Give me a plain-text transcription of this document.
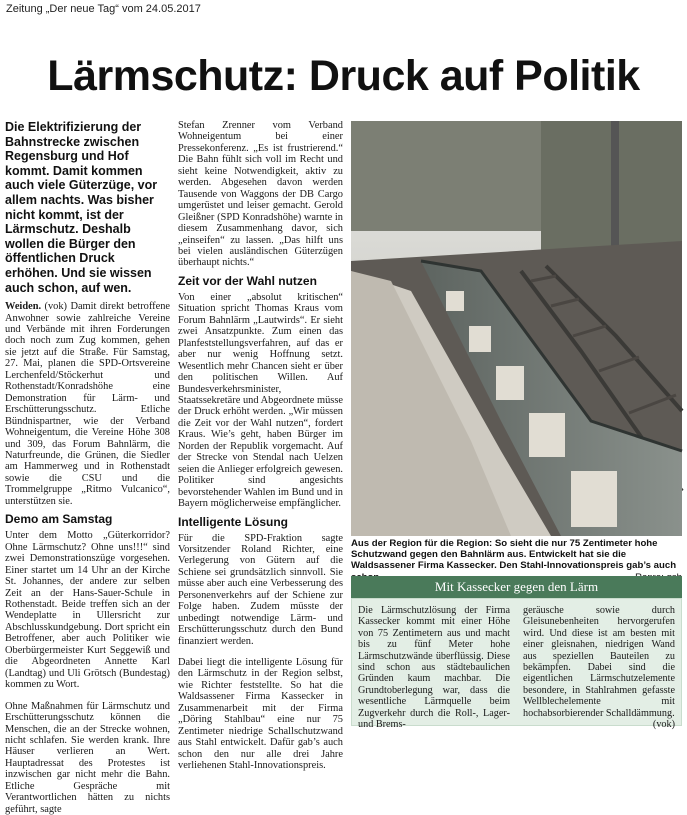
Zeitung „Der neue Tag“ vom 24.05.2017
Lärmschutz: Druck auf Politik
Die Elektrifizierung der Bahnstrecke zwischen Regensburg und Hof kommt. Damit kommen auch viele Güterzüge, vor allem nachts. Was bisher nicht kommt, ist der Lärmschutz. Deshalb wollen die Bürger den öffentlichen Druck erhöhen. Und sie wissen auch schon, auf wen.

Weiden. (vok) Damit direkt betroffene Anwohner sowie zahlreiche Vereine und Verbände mit ihren Forderungen doch noch zum Zug kommen, gehen sie jetzt auf die Straße. Für Samstag, 27. Mai, planen die SPD-Ortsvereine Lerchenfeld/Stöckerhut und Rothenstadt/Konradshöhe eine Demonstration für Lärm- und Erschütterungsschutz. Etliche Bündnispartner, wie der Verband Wohneigentum, die Vereine Höhe 308 und 309, das Forum Bahnlärm, die Naturfreunde, die Grünen, die Siedler am Hammerweg und in Rothenstadt sowie die CSU und die Trommelgruppe „Ritmo Vulcanico“, unterstützen sie.

Demo am Samstag

Unter dem Motto „Güterkorridor? Ohne Lärmschutz? Ohne uns!!!“ sind zwei Demonstrationszüge vorgesehen. Einer startet um 14 Uhr an der Kirche St. Johannes, der andere zur selben Zeit an der Hans-Sauer-Schule in Rothenstadt. Beide treffen sich an der Wendeplatte in Ullersricht zur Abschlusskundgebung. Dort spricht ein Betroffener, aber auch Politiker wie Oberbürgermeister Kurt Seggewiß und die Abgeordneten Annette Karl (Landtag) und Uli Grötsch (Bundestag) kommen zu Wort.

Ohne Maßnahmen für Lärmschutz und Erschütterungsschutz können die Menschen, die an der Strecke wohnen, nicht schlafen. Sie werden krank. Ihre Häuser verlieren an Wert. Hauptadressat des Protestes ist inzwischen gar nicht mehr die Bahn. Etliche Gespräche mit Verantwortlichen hätten zu nichts geführt, sagte

Stefan Zrenner vom Verband Wohneigentum bei einer Pressekonferenz. „Es ist frustrierend.“ Die Bahn fühlt sich voll im Recht und sieht keine Notwendigkeit, aktiv zu werden. Abgesehen davon werden Tausende von Waggons der DB Cargo umgerüstet und leiser gemacht. Gerold Gleißner (SPD Konradshöhe) warnte in diesem Zusammenhang davor, sich „einseifen“ zu lassen. „Das hilft uns bei vielen ausländischen Güterzügen überhaupt nichts.“

Zeit vor der Wahl nutzen

Von einer „absolut kritischen“ Situation spricht Thomas Kraus vom Forum Bahnlärm „Lautwirds“. Er sieht zwei Ansatzpunkte. Zum einen das Planfeststellungsverfahren, auf das er aber nur wenig Hoffnung setzt. Wesentlich mehr Chancen sieht er über den politischen Willen. Auf Bundesverkehrsminister, Staatssekretäre und Abgeordnete müsse der Druck erhöht werden. „Wir müssen die Zeit vor der Wahl nutzen“, fordert Kraus. Wie’s geht, haben Bürger im Norden der Republik vorgemacht. Auf der Strecke von Stendal nach Uelzen seien die Anlieger erfolgreich gewesen. Politiker sind angesichts bevorstehender Wahlen im Bund und in Bayern möglicherweise empfänglicher.

Intelligente Lösung

Für die SPD-Fraktion sagte Vorsitzender Roland Richter, eine Verlegerung von Gütern auf die Schiene sei grundsätzlich sinnvoll. Sie müsse aber auch eine Verbesserung des Personenverkehrs auf der Schiene zur Folge haben. Zudem müsste der unbedingt notwendige Lärm- und Erschütterungsschutz durch den Bund finanziert werden.

Dabei liegt die intelligente Lösung für den Lärmschutz in der Region selbst, wie Richter feststellte. So hat die Waldsassener Firma Kassecker in Zusammenarbeit mit der Firma „Döring Stahlbau“ eine nur 75 Zentimeter niedrige Schallschutzwand aus Stahl entwickelt. Dafür gab’s auch schon den nur alle drei Jahre verliehenen Stahl-Innovationspreis.

Aus der Region für die Region: So sieht die nur 75 Zentimeter hohe Schutzwand gegen den Bahnlärm aus. Entwickelt hat sie die Waldsassener Firma Kassecker. Den Stahl-Innovationspreis gab’s auch
Mit Kassecker gegen den Lärm
Die Lärmschutzlösung der Firma Kassecker kommt mit einer Höhe von 75 Zentimetern aus und macht bis zu fünf Meter hohe Lärmschutzwände überflüssig. Diese sind schon aus städtebaulichen Gründen kaum machbar. Die Grundtoberlegung war, dass die wesentliche Lärmquelle beim Zugverkehr durch die Roll-, Lager- und Brems-
geräusche sowie durch Gleisunebenheiten hervorgerufen wird. Und diese ist am besten mit einer gleisnahen, niedrigen Wand aus speziellen Bauteilen zu bekämpfen. Dabei sind die eigentlichen Lärmschutzelemente besondere, in Stahlrahmen gefasste Wellblechelemente mit hochabsorbierender Schalldämmung.
(vok)
